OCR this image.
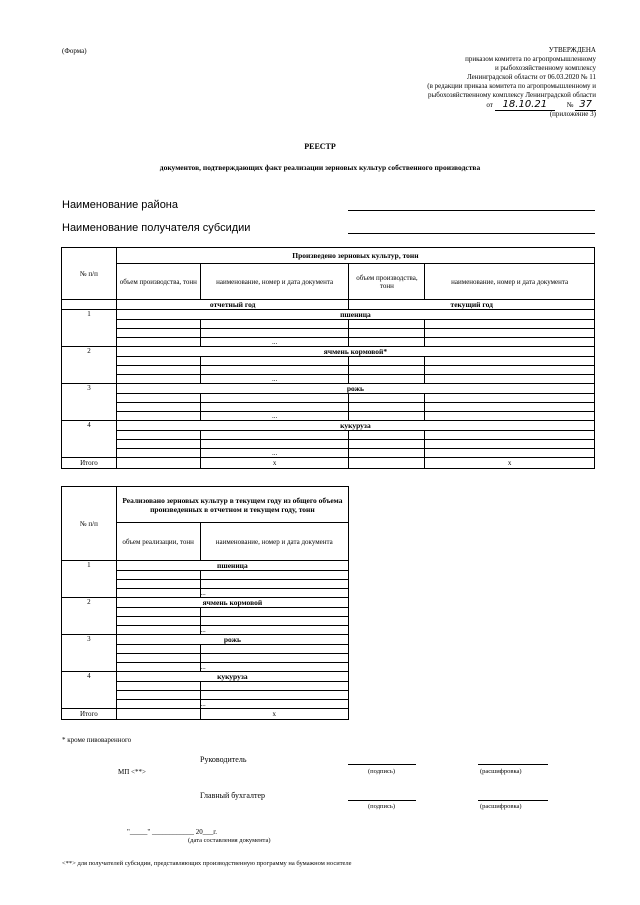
(Форма)	УТВЕРЖДЕНА
приказом комитета по агропромышленному
и рыбохозяйственному комплексу
Ленинградской области от 06.03.2020 № 11
(в редакции приказа комитета по агропромышленному и
рыбохозяйственному комплексу Ленинградской области
от 18.10.21	№ 37
(приложение 3)
РЕЕСТР
документов, подтверждающих факт реализации зерновых культур собственного производства
Наименование района
Наименование получателя субсидии
№ п/п	Произведено зерновых культур, тонн			
	объем производства, тонн	наименование, номер и дата документа	объем производства, тонн	наименование, номер и дата документа
	отчетный год		текущий год	
1	пшеница			

		...		
2	ячмень кормовой*			

		...		
3	рожь			

		...		
4	кукуруза			

		...		
Итого		х		х
№ п/п	Реализовано зерновых культур в текущем году из общего объема произведенных в отчетном и текущем году, тонн	
	объем реализации, тонн	наименование, номер и дата документа
1	пшеница	

		...
2	ячмень кормовой	

		...
3	рожь	

		...
4	кукуруза	

		...
Итого		х
* кроме пивоваренного
Руководитель
МП <**>	(подпись)	(расшифровка)
Главный бухгалтер
(подпись)	(расшифровка)
"_____" ____________ 20___г.
(дата составления документа)
<**> для получателей субсидии, представляющих производственную программу на бумажном носителе
